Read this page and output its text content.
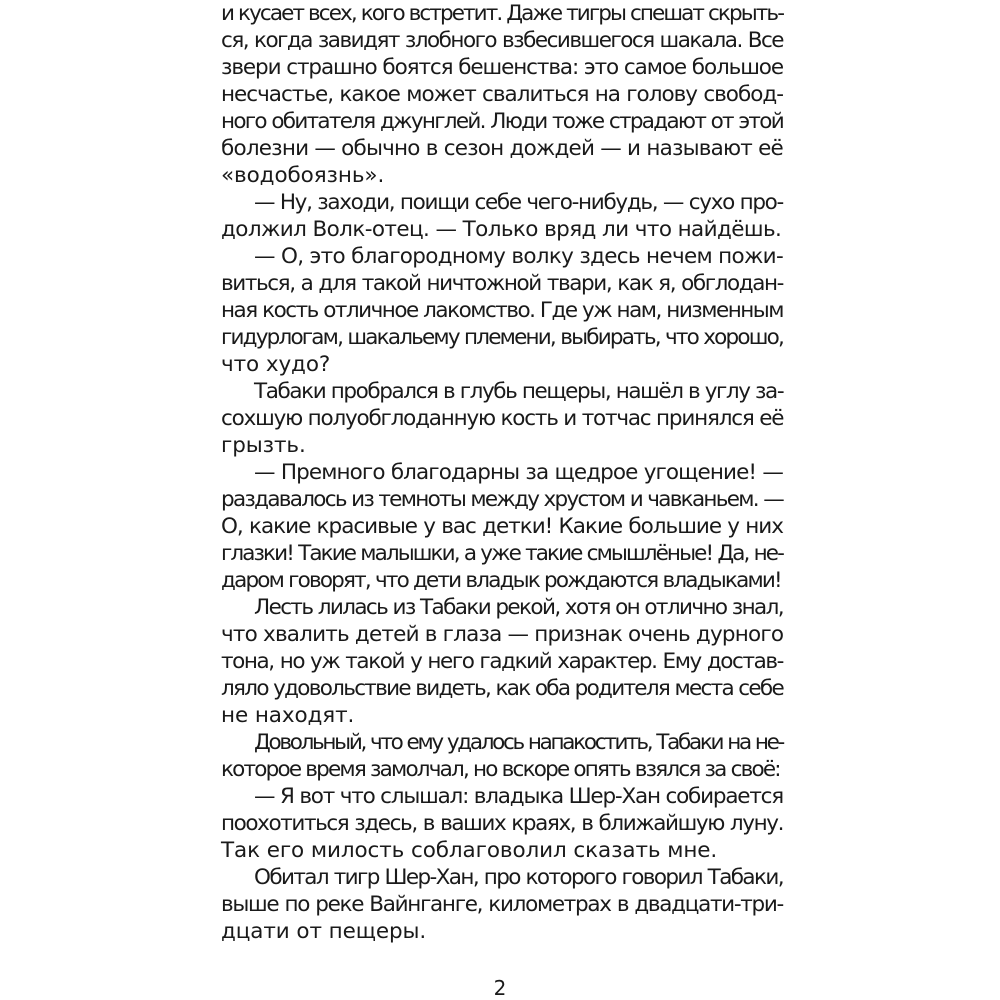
и кусает всех, кого встретит. Даже тигры спешат скрыть-
ся, когда завидят злобного взбесившегося шакала. Все
звери страшно боятся бешенства: это самое большое
несчастье, какое может свалиться на голову свобод-
ного обитателя джунглей. Люди тоже страдают от этой
болезни — обычно в сезон дождей — и называют её
«водобоязнь».
— Ну, заходи, поищи себе чего-нибудь, — сухо про-
должил Волк-отец. — Только вряд ли что найдёшь.
— О, это благородному волку здесь нечем пожи-
виться, а для такой ничтожной твари, как я, обглодан-
ная кость отличное лакомство. Где уж нам, низменным
гидурлогам, шакальему племени, выбирать, что хорошо,
что худо?
Табаки пробрался в глубь пещеры, нашёл в углу за-
сохшую полуобглоданную кость и тотчас принялся её
грызть.
— Премного благодарны за щедрое угощение! —
раздавалось из темноты между хрустом и чавканьем. —
О, какие красивые у вас детки! Какие большие у них
глазки! Такие малышки, а уже такие смышлёные! Да, не-
даром говорят, что дети владык рождаются владыками!
Лесть лилась из Табаки рекой, хотя он отлично знал,
что хвалить детей в глаза — признак очень дурного
тона, но уж такой у него гадкий характер. Ему достав-
ляло удовольствие видеть, как оба родителя места себе
не находят.
Довольный, что ему удалось напакостить, Табаки на не-
которое время замолчал, но вскоре опять взялся за своё:
— Я вот что слышал: владыка Шер-Хан собирается
поохотиться здесь, в ваших краях, в ближайшую луну.
Так его милость соблаговолил сказать мне.
Обитал тигр Шер-Хан, про которого говорил Табаки,
выше по реке Вайнганге, километрах в двадцати-три-
дцати от пещеры.
2
